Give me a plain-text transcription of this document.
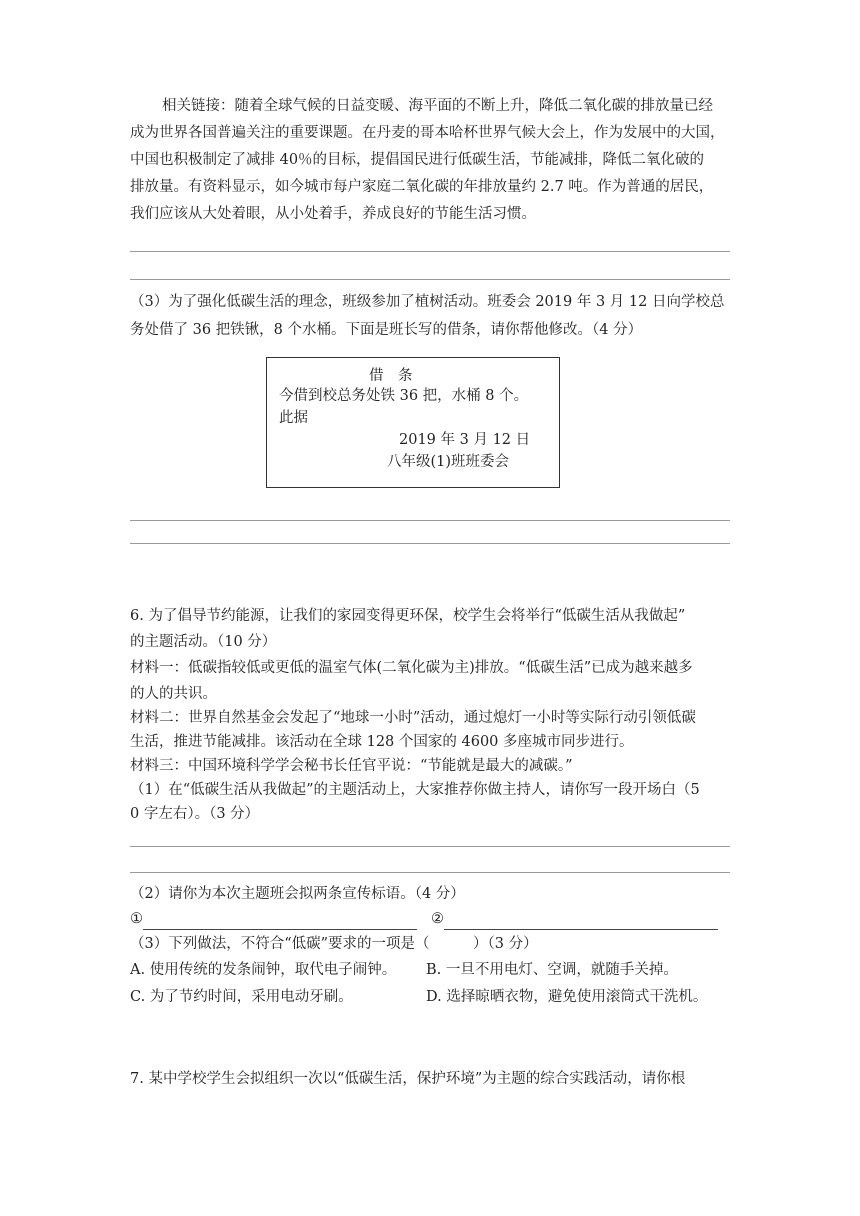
相关链接：随着全球气候的日益变暖、海平面的不断上升，降低二氧化碳的排放量已经
成为世界各国普遍关注的重要课题。在丹麦的哥本哈杯世界气候大会上，作为发展中的大国，
中国也积极制定了减排 40％的目标，提倡国民进行低碳生活，节能减排，降低二氧化破的
排放量。有资料显示，如今城市每户家庭二氧化碳的年排放量约 2.7 吨。作为普通的居民，
我们应该从大处着眼，从小处着手，养成良好的节能生活习惯。
（3）为了强化低碳生活的理念，班级参加了植树活动。班委会 2019 年 3 月 12 日向学校总
务处借了 36 把铁锹，8 个水桶。下面是班长写的借条，请你帮他修改。（4 分）
借　条
今借到校总务处铁 36 把，水桶 8 个。
此据
2019 年 3 月 12 日
八年级(1)班班委会
6. 为了倡导节约能源，让我们的家园变得更环保，校学生会将举行“低碳生活从我做起”
的主题活动。（10 分）
材料一：低碳指较低或更低的温室气体(二氧化碳为主)排放。“低碳生活”已成为越来越多
的人的共识。
材料二：世界自然基金会发起了“地球一小时”活动，通过熄灯一小时等实际行动引领低碳
生活，推进节能减排。该活动在全球 128 个国家的 4600 多座城市同步进行。
材料三：中国环境科学学会秘书长任官平说：“节能就是最大的减碳。”
（1）在“低碳生活从我做起”的主题活动上，大家推荐你做主持人，请你写一段开场白（5
0 字左右）。（3 分）
（2）请你为本次主题班会拟两条宣传标语。（4 分）
①	②
（3）下列做法，不符合“低碳”要求的一项是（　　　）（3 分）
A. 使用传统的发条闹钟，取代电子闹钟。 B. 一旦不用电灯、空调，就随手关掉。
C. 为了节约时间，采用电动牙刷。	D. 选择晾晒衣物，避免使用滚筒式干洗机。
7. 某中学校学生会拟组织一次以“低碳生活，保护环境”为主题的综合实践活动，请你根
